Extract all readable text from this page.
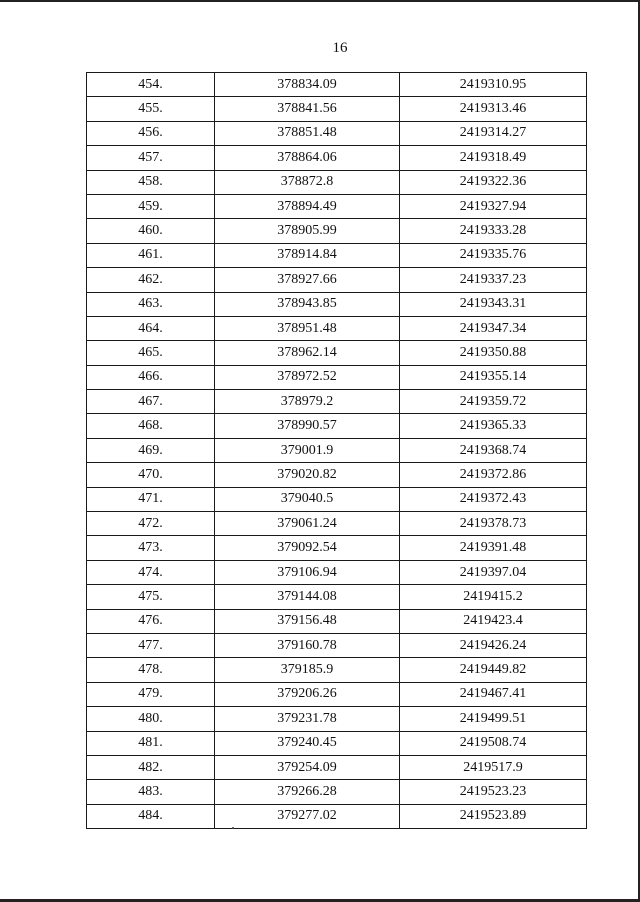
16
454.	378834.09	2419310.95
455.	378841.56	2419313.46
456.	378851.48	2419314.27
457.	378864.06	2419318.49
458.	378872.8	2419322.36
459.	378894.49	2419327.94
460.	378905.99	2419333.28
461.	378914.84	2419335.76
462.	378927.66	2419337.23
463.	378943.85	2419343.31
464.	378951.48	2419347.34
465.	378962.14	2419350.88
466.	378972.52	2419355.14
467.	378979.2	2419359.72
468.	378990.57	2419365.33
469.	379001.9	2419368.74
470.	379020.82	2419372.86
471.	379040.5	2419372.43
472.	379061.24	2419378.73
473.	379092.54	2419391.48
474.	379106.94	2419397.04
475.	379144.08	2419415.2
476.	379156.48	2419423.4
477.	379160.78	2419426.24
478.	379185.9	2419449.82
479.	379206.26	2419467.41
480.	379231.78	2419499.51
481.	379240.45	2419508.74
482.	379254.09	2419517.9
483.	379266.28	2419523.23
484.	379277.02	2419523.89
